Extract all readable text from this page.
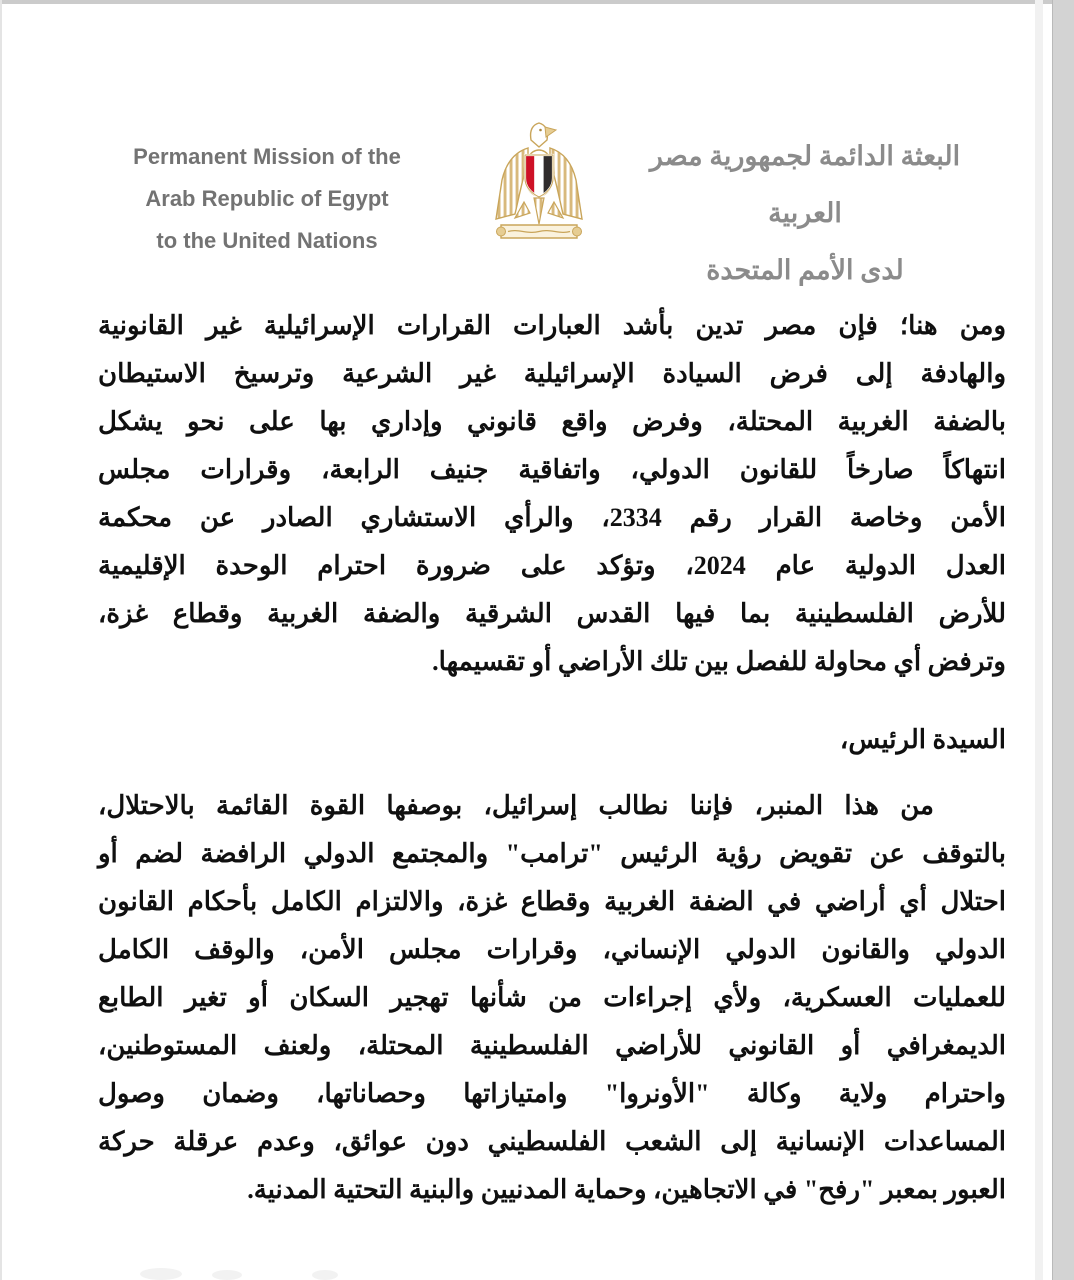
Permanent Mission of the
Arab Republic of Egypt
to the United Nations
البعثة الدائمة لجمهورية مصر العربية
لدى الأمم المتحدة

ومن هنا؛ فإن مصر تدين بأشد العبارات القرارات الإسرائيلية غير القانونية
والهادفة إلى فرض السيادة الإسرائيلية غير الشرعية وترسيخ الاستيطان
بالضفة الغربية المحتلة، وفرض واقع قانوني وإداري بها على نحو يشكل
انتهاكاً صارخاً للقانون الدولي، واتفاقية جنيف الرابعة، وقرارات مجلس
الأمن وخاصة القرار رقم 2334، والرأي الاستشاري الصادر عن محكمة
العدل الدولية عام 2024، وتؤكد على ضرورة احترام الوحدة الإقليمية
للأرض الفلسطينية بما فيها القدس الشرقية والضفة الغربية وقطاع غزة،
وترفض أي محاولة للفصل بين تلك الأراضي أو تقسيمها.

السيدة الرئيس،

من هذا المنبر، فإننا نطالب إسرائيل، بوصفها القوة القائمة بالاحتلال،
بالتوقف عن تقويض رؤية الرئيس "ترامب" والمجتمع الدولي الرافضة لضم أو
احتلال أي أراضي في الضفة الغربية وقطاع غزة، والالتزام الكامل بأحكام القانون
الدولي والقانون الدولي الإنساني، وقرارات مجلس الأمن، والوقف الكامل
للعمليات العسكرية، ولأي إجراءات من شأنها تهجير السكان أو تغير الطابع
الديمغرافي أو القانوني للأراضي الفلسطينية المحتلة، ولعنف المستوطنين،
واحترام ولاية وكالة "الأونروا" وامتيازاتها وحصاناتها، وضمان وصول
المساعدات الإنسانية إلى الشعب الفلسطيني دون عوائق، وعدم عرقلة حركة
العبور بمعبر "رفح" في الاتجاهين، وحماية المدنيين والبنية التحتية المدنية.
